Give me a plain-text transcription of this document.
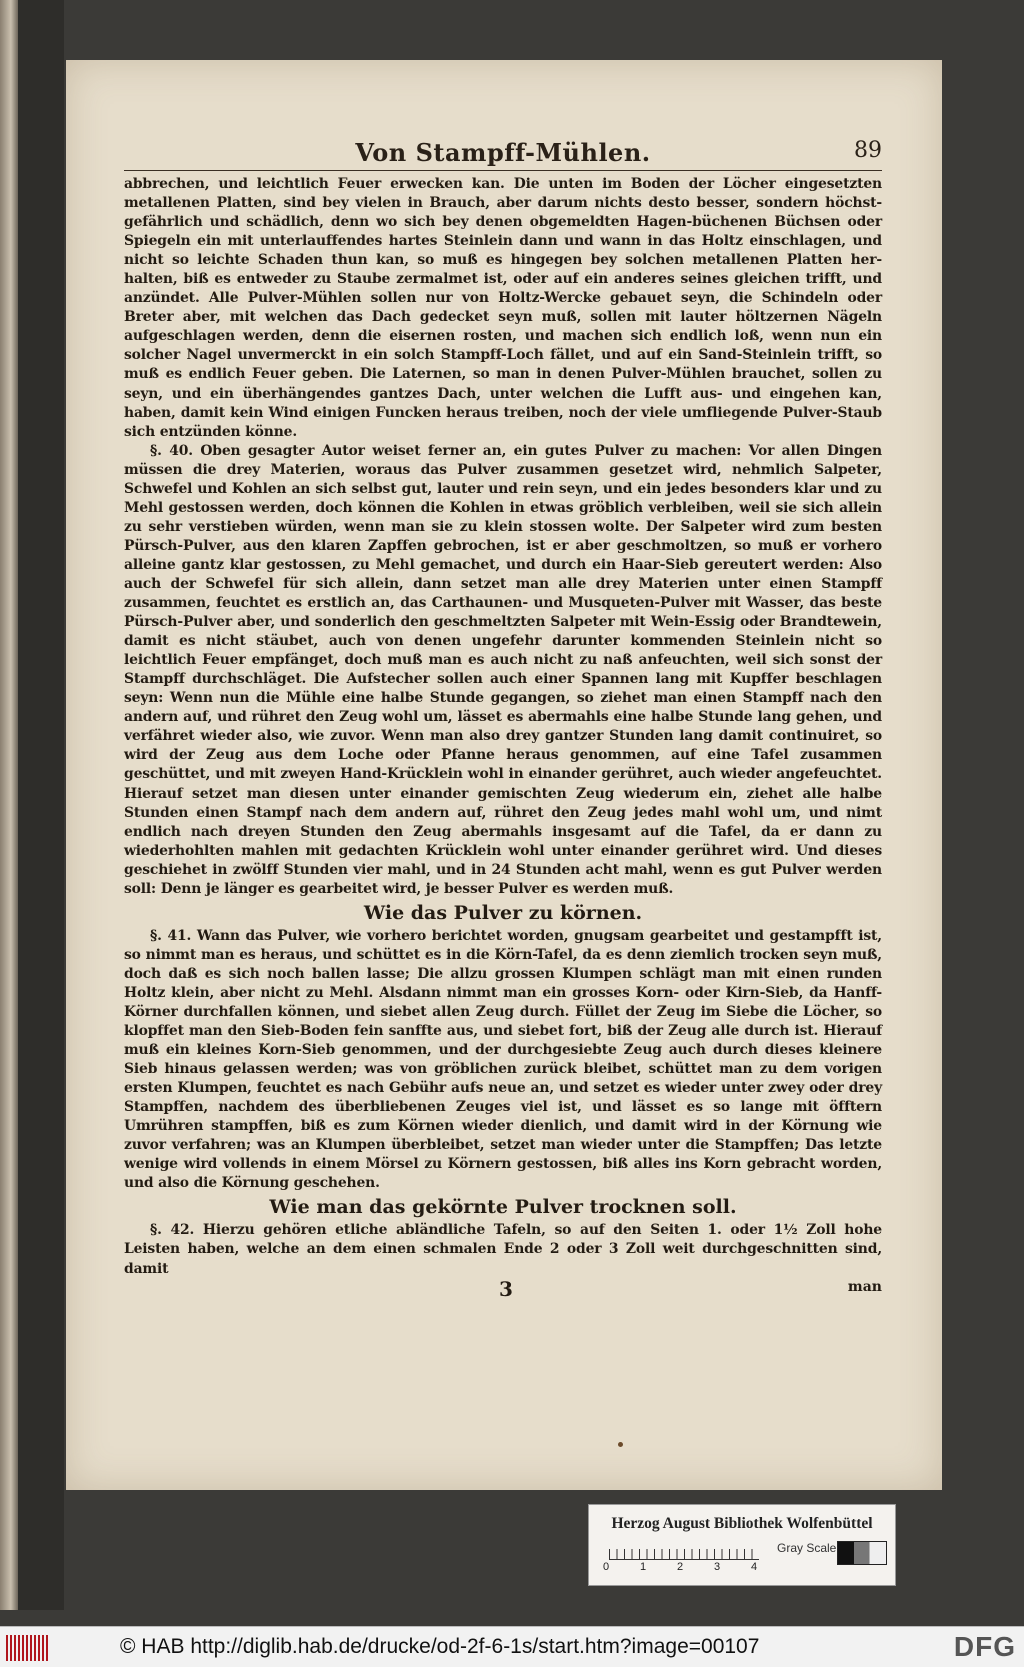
Von Stampff-Mühlen.	89

abbrechen, und leichtlich Feuer erwecken kan. Die unten im Boden der Löcher eingesetzten metallenen Platten, sind bey vielen in Brauch, aber darum nichts desto besser, sondern höchst-gefährlich und schädlich, denn wo sich bey denen obgemeldten Hagen-büchenen Büchsen oder Spiegeln ein mit unterlauffendes hartes Steinlein dann und wann in das Holtz einschlagen, und nicht so leichte Schaden thun kan, so muß es hingegen bey solchen metallenen Platten her-halten, biß es entweder zu Staube zermalmet ist, oder auf ein anderes seines gleichen trifft, und anzündet. Alle Pulver-Mühlen sollen nur von Holtz-Wercke gebauet seyn, die Schindeln oder Breter aber, mit welchen das Dach gedecket seyn muß, sollen mit lauter höltzernen Nägeln aufgeschlagen werden, denn die eisernen rosten, und machen sich endlich loß, wenn nun ein solcher Nagel unvermerckt in ein solch Stampff-Loch fället, und auf ein Sand-Steinlein trifft, so muß es endlich Feuer geben. Die Laternen, so man in denen Pulver-Mühlen brauchet, sollen zu seyn, und ein überhängendes gantzes Dach, unter welchen die Lufft aus- und eingehen kan, haben, damit kein Wind einigen Funcken heraus treiben, noch der viele umfliegende Pulver-Staub sich entzünden könne.

§. 40. Oben gesagter Autor weiset ferner an, ein gutes Pulver zu machen: Vor allen Dingen müssen die drey Materien, woraus das Pulver zusammen gesetzet wird, nehmlich Salpeter, Schwefel und Kohlen an sich selbst gut, lauter und rein seyn, und ein jedes besonders klar und zu Mehl gestossen werden, doch können die Kohlen in etwas gröblich verbleiben, weil sie sich allein zu sehr verstieben würden, wenn man sie zu klein stossen wolte. Der Salpeter wird zum besten Pürsch-Pulver, aus den klaren Zapffen gebrochen, ist er aber geschmoltzen, so muß er vorhero alleine gantz klar gestossen, zu Mehl gemachet, und durch ein Haar-Sieb gereutert werden: Also auch der Schwefel für sich allein, dann setzet man alle drey Materien unter einen Stampff zusammen, feuchtet es erstlich an, das Carthaunen- und Musqueten-Pulver mit Wasser, das beste Pürsch-Pulver aber, und sonderlich den geschmeltzten Salpeter mit Wein-Essig oder Brandtewein, damit es nicht stäubet, auch von denen ungefehr darunter kommenden Steinlein nicht so leichtlich Feuer empfänget, doch muß man es auch nicht zu naß anfeuchten, weil sich sonst der Stampff durchschläget. Die Aufstecher sollen auch einer Spannen lang mit Kupffer beschlagen seyn: Wenn nun die Mühle eine halbe Stunde gegangen, so ziehet man einen Stampff nach den andern auf, und rühret den Zeug wohl um, lässet es abermahls eine halbe Stunde lang gehen, und verfähret wieder also, wie zuvor. Wenn man also drey gantzer Stunden lang damit continuiret, so wird der Zeug aus dem Loche oder Pfanne heraus genommen, auf eine Tafel zusammen geschüttet, und mit zweyen Hand-Krücklein wohl in einander gerühret, auch wieder angefeuchtet. Hierauf setzet man diesen unter einander gemischten Zeug wiederum ein, ziehet alle halbe Stunden einen Stampf nach dem andern auf, rühret den Zeug jedes mahl wohl um, und nimt endlich nach dreyen Stunden den Zeug abermahls insgesamt auf die Tafel, da er dann zu wiederhohlten mahlen mit gedachten Krücklein wohl unter einander gerühret wird. Und dieses geschiehet in zwölff Stunden vier mahl, und in 24 Stunden acht mahl, wenn es gut Pulver werden soll: Denn je länger es gearbeitet wird, je besser Pulver es werden muß.

Wie das Pulver zu körnen.

§. 41. Wann das Pulver, wie vorhero berichtet worden, gnugsam gearbeitet und gestampfft ist, so nimmt man es heraus, und schüttet es in die Körn-Tafel, da es denn ziemlich trocken seyn muß, doch daß es sich noch ballen lasse; Die allzu grossen Klumpen schlägt man mit einen runden Holtz klein, aber nicht zu Mehl. Alsdann nimmt man ein grosses Korn- oder Kirn-Sieb, da Hanff-Körner durchfallen können, und siebet allen Zeug durch. Füllet der Zeug im Siebe die Löcher, so klopffet man den Sieb-Boden fein sanffte aus, und siebet fort, biß der Zeug alle durch ist. Hierauf muß ein kleines Korn-Sieb genommen, und der durchgesiebte Zeug auch durch dieses kleinere Sieb hinaus gelassen werden; was von gröblichen zurück bleibet, schüttet man zu dem vorigen ersten Klumpen, feuchtet es nach Gebühr aufs neue an, und setzet es wieder unter zwey oder drey Stampffen, nachdem des überbliebenen Zeuges viel ist, und lässet es so lange mit öfftern Umrühren stampffen, biß es zum Körnen wieder dienlich, und damit wird in der Körnung wie zuvor verfahren; was an Klumpen überbleibet, setzet man wieder unter die Stampffen; Das letzte wenige wird vollends in einem Mörsel zu Körnern gestossen, biß alles ins Korn gebracht worden, und also die Körnung geschehen.

Wie man das gekörnte Pulver trocknen soll.

§. 42. Hierzu gehören etliche abländliche Tafeln, so auf den Seiten 1. oder 1½ Zoll hohe Leisten haben, welche an dem einen schmalen Ende 2 oder 3 Zoll weit durchgeschnitten sind, damit

3	man
Herzog August Bibliothek Wolfenbüttel
0	1	2	3	4
Gray Scale
© HAB http://diglib.hab.de/drucke/od-2f-6-1s/start.htm?image=00107	DFG
